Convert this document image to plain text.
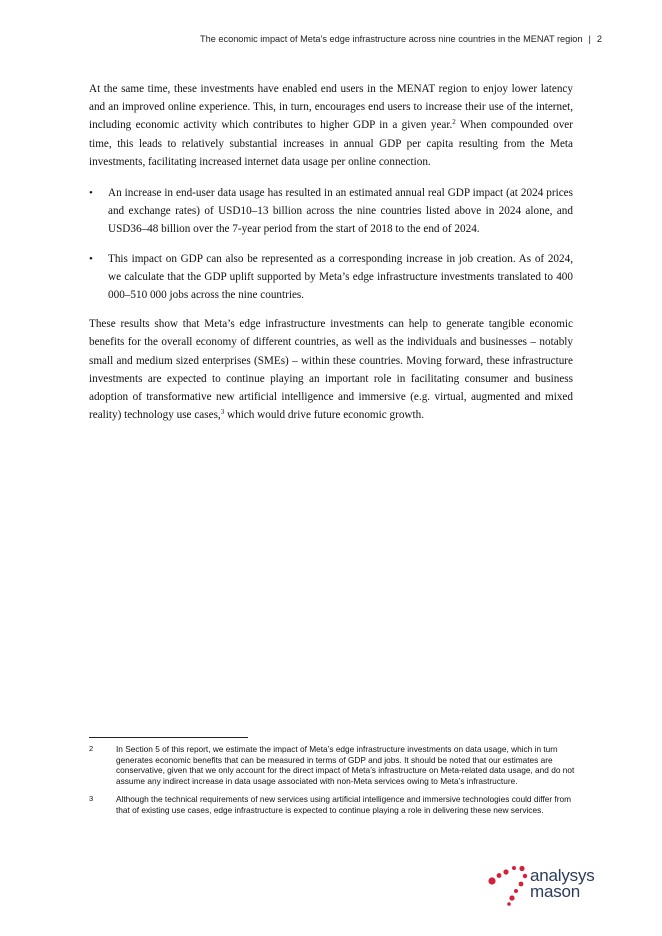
The economic impact of Meta’s edge infrastructure across nine countries in the MENAT region | 2

At the same time, these investments have enabled end users in the MENAT region to enjoy lower latency and an improved online experience. This, in turn, encourages end users to increase their use of the internet, including economic activity which contributes to higher GDP in a given year.$^2$ When compounded over time, this leads to relatively substantial increases in annual GDP per capita resulting from the Meta investments, facilitating increased internet data usage per online connection.

• An increase in end-user data usage has resulted in an estimated annual real GDP impact (at 2024 prices and exchange rates) of USD10–13 billion across the nine countries listed above in 2024 alone, and USD36–48 billion over the 7-year period from the start of 2018 to the end of 2024.
• This impact on GDP can also be represented as a corresponding increase in job creation. As of 2024, we calculate that the GDP uplift supported by Meta’s edge infrastructure investments translated to 400 000–510 000 jobs across the nine countries.

These results show that Meta’s edge infrastructure investments can help to generate tangible economic benefits for the overall economy of different countries, as well as the individuals and businesses – notably small and medium sized enterprises (SMEs) – within these countries. Moving forward, these infrastructure investments are expected to continue playing an important role in facilitating consumer and business adoption of transformative new artificial intelligence and immersive (e.g. virtual, augmented and mixed reality) technology use cases,$^3$ which would drive future economic growth.

2	In Section 5 of this report, we estimate the impact of Meta’s edge infrastructure investments on data usage, which in turn generates economic benefits that can be measured in terms of GDP and jobs. It should be noted that our estimates are conservative, given that we only account for the direct impact of Meta’s infrastructure on Meta-related data usage, and do not assume any indirect increase in data usage associated with non-Meta services owing to Meta’s infrastructure.
3	Although the technical requirements of new services using artificial intelligence and immersive technologies could differ from that of existing use cases, edge infrastructure is expected to continue playing a role in delivering these new services.
analysys
mason
